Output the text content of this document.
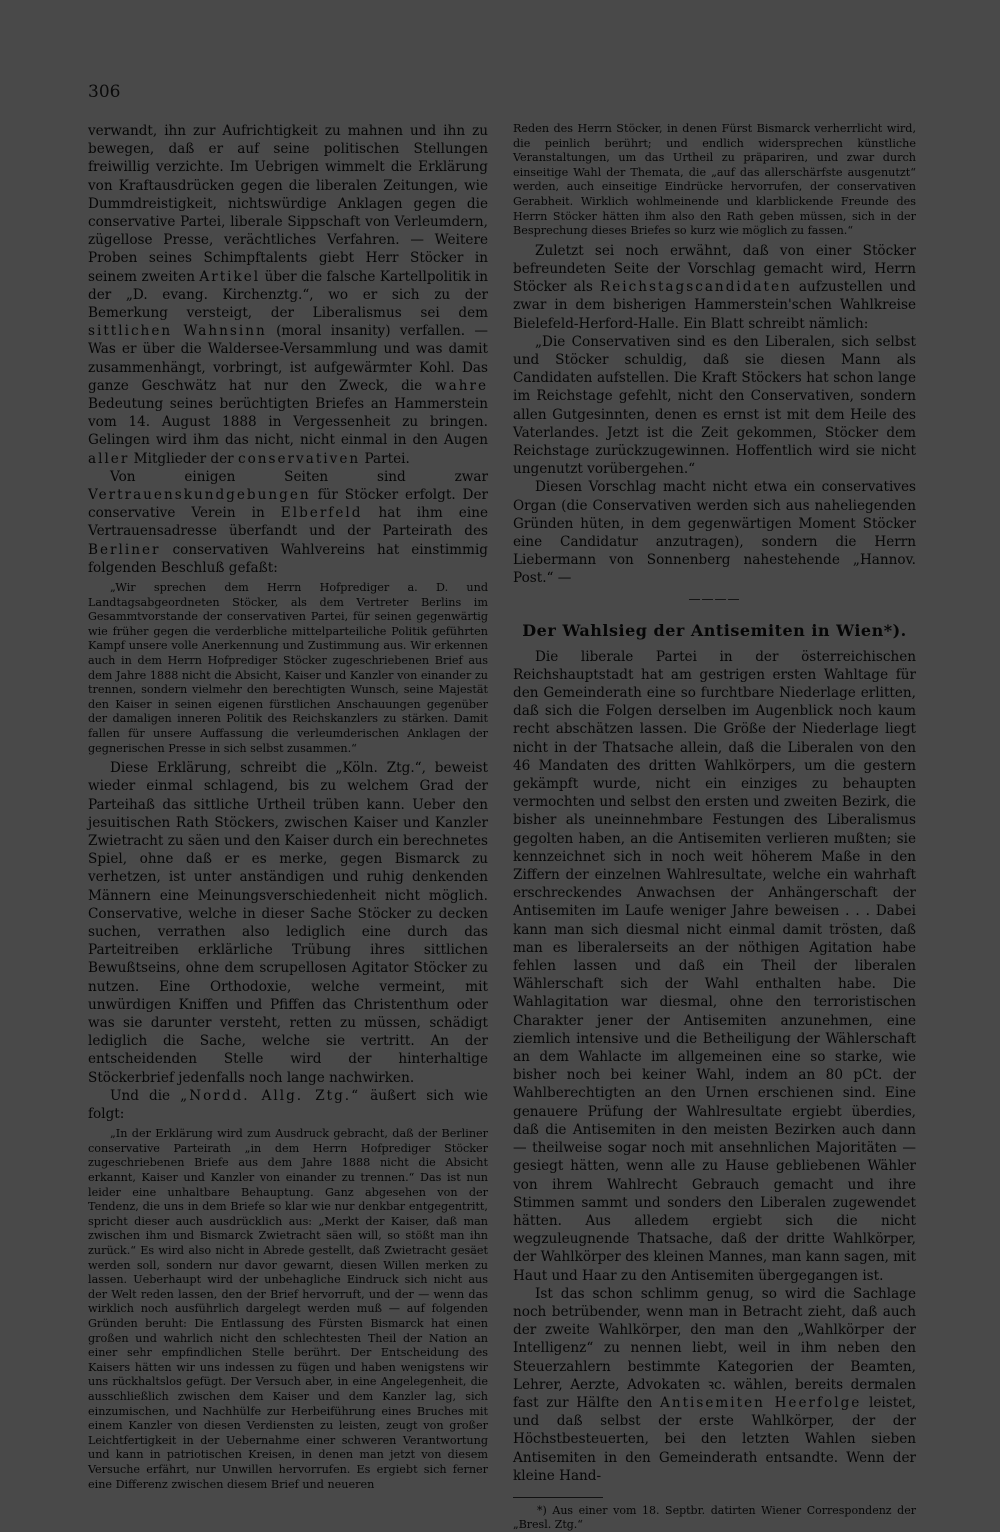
306

verwandt, ihn zur Aufrichtigkeit zu mahnen und ihn zu bewegen, daß er auf seine politischen Stellungen freiwillig verzichte. Im Uebrigen wimmelt die Erklärung von Kraftausdrücken gegen die liberalen Zeitungen, wie Dummdreistigkeit, nichtswürdige Anklagen gegen die conservative Partei, liberale Sippschaft von Verleumdern, zügellose Presse, verächtliches Verfahren. — Weitere Proben seines Schimpftalents giebt Herr Stöcker in seinem zweiten Artikel über die falsche Kartellpolitik in der „D. evang. Kirchenztg.“, wo er sich zu der Bemerkung versteigt, der Liberalismus sei dem sittlichen Wahnsinn (moral insanity) verfallen. — Was er über die Waldersee-Versammlung und was damit zusammenhängt, vorbringt, ist aufgewärmter Kohl. Das ganze Geschwätz hat nur den Zweck, die wahre Bedeutung seines berüchtigten Briefes an Hammerstein vom 14. August 1888 in Vergessenheit zu bringen. Gelingen wird ihm das nicht, nicht einmal in den Augen aller Mitglieder der conservativen Partei.

Von einigen Seiten sind zwar Vertrauenskundgebungen für Stöcker erfolgt. Der conservative Verein in Elberfeld hat ihm eine Vertrauensadresse überfandt und der Parteirath des Berliner conservativen Wahlvereins hat einstimmig folgenden Beschluß gefaßt:

„Wir sprechen dem Herrn Hofprediger a. D. und Landtagsabgeordneten Stöcker, als dem Vertreter Berlins im Gesammtvorstande der conservativen Partei, für seinen gegenwärtig wie früher gegen die verderbliche mittelparteiliche Politik geführten Kampf unsere volle Anerkennung und Zustimmung aus. Wir erkennen auch in dem Herrn Hofprediger Stöcker zugeschriebenen Brief aus dem Jahre 1888 nicht die Absicht, Kaiser und Kanzler von einander zu trennen, sondern vielmehr den berechtigten Wunsch, seine Majestät den Kaiser in seinen eigenen fürstlichen Anschauungen gegenüber der damaligen inneren Politik des Reichskanzlers zu stärken. Damit fallen für unsere Auffassung die verleumderischen Anklagen der gegnerischen Presse in sich selbst zusammen.“

Diese Erklärung, schreibt die „Köln. Ztg.“, beweist wieder einmal schlagend, bis zu welchem Grad der Parteihaß das sittliche Urtheil trüben kann. Ueber den jesuitischen Rath Stöckers, zwischen Kaiser und Kanzler Zwietracht zu säen und den Kaiser durch ein berechnetes Spiel, ohne daß er es merke, gegen Bismarck zu verhetzen, ist unter anständigen und ruhig denkenden Männern eine Meinungsverschiedenheit nicht möglich. Conservative, welche in dieser Sache Stöcker zu decken suchen, verrathen also lediglich eine durch das Parteitreiben erklärliche Trübung ihres sittlichen Bewußtseins, ohne dem scrupellosen Agitator Stöcker zu nutzen. Eine Orthodoxie, welche vermeint, mit unwürdigen Kniffen und Pfiffen das Christenthum oder was sie darunter versteht, retten zu müssen, schädigt lediglich die Sache, welche sie vertritt. An der entscheidenden Stelle wird der hinterhaltige Stöckerbrief jedenfalls noch lange nachwirken.

Und die „Nordd. Allg. Ztg.“ äußert sich wie folgt:

„In der Erklärung wird zum Ausdruck gebracht, daß der Berliner conservative Parteirath „in dem Herrn Hofprediger Stöcker zugeschriebenen Briefe aus dem Jahre 1888 nicht die Absicht erkannt, Kaiser und Kanzler von einander zu trennen.“ Das ist nun leider eine unhaltbare Behauptung. Ganz abgesehen von der Tendenz, die uns in dem Briefe so klar wie nur denkbar entgegentritt, spricht dieser auch ausdrücklich aus: „Merkt der Kaiser, daß man zwischen ihm und Bismarck Zwietracht säen will, so stößt man ihn zurück.“ Es wird also nicht in Abrede gestellt, daß Zwietracht gesäet werden soll, sondern nur davor gewarnt, diesen Willen merken zu lassen. Ueberhaupt wird der unbehagliche Eindruck sich nicht aus der Welt reden lassen, den der Brief hervorruft, und der — wenn das wirklich noch ausführlich dargelegt werden muß — auf folgenden Gründen beruht: Die Entlassung des Fürsten Bismarck hat einen großen und wahrlich nicht den schlechtesten Theil der Nation an einer sehr empfindlichen Stelle berührt. Der Entscheidung des Kaisers hätten wir uns indessen zu fügen und haben wenigstens wir uns rückhaltslos gefügt. Der Versuch aber, in eine Angelegenheit, die ausschließlich zwischen dem Kaiser und dem Kanzler lag, sich einzumischen, und Nachhülfe zur Herbeiführung eines Bruches mit einem Kanzler von diesen Verdiensten zu leisten, zeugt von großer Leichtfertigkeit in der Uebernahme einer schweren Verantwortung und kann in patriotischen Kreisen, in denen man jetzt von diesem Versuche erfährt, nur Unwillen hervorrufen. Es ergiebt sich ferner eine Differenz zwischen diesem Brief und neueren

Reden des Herrn Stöcker, in denen Fürst Bismarck verherrlicht wird, die peinlich berührt; und endlich widersprechen künstliche Veranstaltungen, um das Urtheil zu präpariren, und zwar durch einseitige Wahl der Themata, die „auf das allerschärfste ausgenutzt“ werden, auch einseitige Eindrücke hervorrufen, der conservativen Gerabheit. Wirklich wohlmeinende und klarblickende Freunde des Herrn Stöcker hätten ihm also den Rath geben müssen, sich in der Besprechung dieses Briefes so kurz wie möglich zu fassen.“

Zuletzt sei noch erwähnt, daß von einer Stöcker befreundeten Seite der Vorschlag gemacht wird, Herrn Stöcker als Reichstagscandidaten aufzustellen und zwar in dem bisherigen Hammerstein'schen Wahlkreise Bielefeld-Herford-Halle. Ein Blatt schreibt nämlich:

„Die Conservativen sind es den Liberalen, sich selbst und Stöcker schuldig, daß sie diesen Mann als Candidaten aufstellen. Die Kraft Stöckers hat schon lange im Reichstage gefehlt, nicht den Conservativen, sondern allen Gutgesinnten, denen es ernst ist mit dem Heile des Vaterlandes. Jetzt ist die Zeit gekommen, Stöcker dem Reichstage zurückzugewinnen. Hoffentlich wird sie nicht ungenutzt vorübergehen.“

Diesen Vorschlag macht nicht etwa ein conservatives Organ (die Conservativen werden sich aus naheliegenden Gründen hüten, in dem gegenwärtigen Moment Stöcker eine Candidatur anzutragen), sondern die Herrn Liebermann von Sonnenberg nahestehende „Hannov. Post.“ —

————
Der Wahlsieg der Antisemiten in Wien*).

Die liberale Partei in der österreichischen Reichshauptstadt hat am gestrigen ersten Wahltage für den Gemeinderath eine so furchtbare Niederlage erlitten, daß sich die Folgen derselben im Augenblick noch kaum recht abschätzen lassen. Die Größe der Niederlage liegt nicht in der Thatsache allein, daß die Liberalen von den 46 Mandaten des dritten Wahlkörpers, um die gestern gekämpft wurde, nicht ein einziges zu behaupten vermochten und selbst den ersten und zweiten Bezirk, die bisher als uneinnehmbare Festungen des Liberalismus gegolten haben, an die Antisemiten verlieren mußten; sie kennzeichnet sich in noch weit höherem Maße in den Ziffern der einzelnen Wahlresultate, welche ein wahrhaft erschreckendes Anwachsen der Anhängerschaft der Antisemiten im Laufe weniger Jahre beweisen . . . Dabei kann man sich diesmal nicht einmal damit trösten, daß man es liberalerseits an der nöthigen Agitation habe fehlen lassen und daß ein Theil der liberalen Wählerschaft sich der Wahl enthalten habe. Die Wahlagitation war diesmal, ohne den terroristischen Charakter jener der Antisemiten anzunehmen, eine ziemlich intensive und die Betheiligung der Wählerschaft an dem Wahlacte im allgemeinen eine so starke, wie bisher noch bei keiner Wahl, indem an 80 pCt. der Wahlberechtigten an den Urnen erschienen sind. Eine genauere Prüfung der Wahlresultate ergiebt überdies, daß die Antisemiten in den meisten Bezirken auch dann — theilweise sogar noch mit ansehnlichen Majoritäten — gesiegt hätten, wenn alle zu Hause gebliebenen Wähler von ihrem Wahlrecht Gebrauch gemacht und ihre Stimmen sammt und sonders den Liberalen zugewendet hätten. Aus alledem ergiebt sich die nicht wegzuleugnende Thatsache, daß der dritte Wahlkörper, der Wahlkörper des kleinen Mannes, man kann sagen, mit Haut und Haar zu den Antisemiten übergegangen ist.

Ist das schon schlimm genug, so wird die Sachlage noch betrübender, wenn man in Betracht zieht, daß auch der zweite Wahlkörper, den man den „Wahlkörper der Intelligenz“ zu nennen liebt, weil in ihm neben den Steuerzahlern bestimmte Kategorien der Beamten, Lehrer, Aerzte, Advokaten ꝛc. wählen, bereits dermalen fast zur Hälfte den Antisemiten Heerfolge leistet, und daß selbst der erste Wahlkörper, der der Höchstbesteuerten, bei den letzten Wahlen sieben Antisemiten in den Gemeinderath entsandte. Wenn der kleine Hand-

*) Aus einer vom 18. Septbr. datirten Wiener Correspondenz der „Bresl. Ztg.“
